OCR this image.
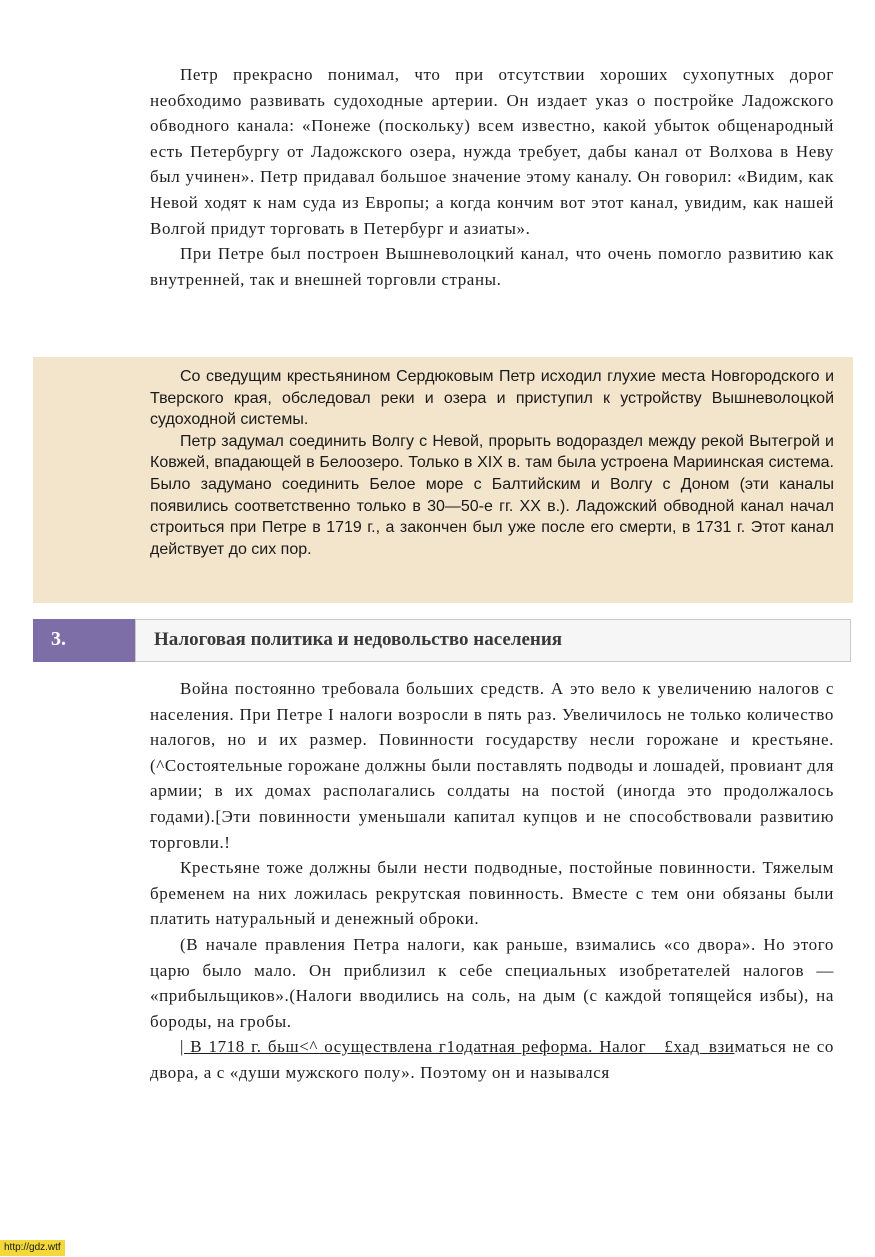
Петр прекрасно понимал, что при отсутствии хороших сухопутных дорог необходимо развивать судоходные артерии. Он издает указ о постройке Ладожского обводного канала: «Понеже (поскольку) всем известно, какой убыток общенародный есть Петербургу от Ладожского озера, нужда требует, дабы канал от Волхова в Неву был учинен». Петр придавал большое значение этому каналу. Он говорил: «Видим, как Невой ходят к нам суда из Европы; а когда кончим вот этот канал, увидим, как нашей Волгой придут торговать в Петербург и азиаты».

При Петре был построен Вышневолоцкий канал, что очень помогло развитию как внутренней, так и внешней торговли страны.

Со сведущим крестьянином Сердюковым Петр исходил глухие места Новгородского и Тверского края, обследовал реки и озера и приступил к устройству Вышневолоцкой судоходной системы.

Петр задумал соединить Волгу с Невой, прорыть водораздел между рекой Вытегрой и Ковжей, впадающей в Белоозеро. Только в XIX в. там была устроена Мариинская система. Было задумано соединить Белое море с Балтийским и Волгу с Доном (эти каналы появились соответственно только в 30—50-е гг. XX в.). Ладожский обводной канал начал строиться при Петре в 1719 г., а закончен был уже после его смерти, в 1731 г. Этот канал действует до сих пор.

3.	Налоговая политика и недовольство населения

Война постоянно требовала больших средств. А это вело к увеличению налогов с населения. При Петре I налоги возросли в пять раз. Увеличилось не только количество налогов, но и их размер. Повинности государству несли горожане и крестьяне. (^Состоятельные горожане должны были поставлять подводы и лошадей, провиант для армии; в их домах располагались солдаты на постой (иногда это продолжалось годами).[Эти повинности уменьшали капитал купцов и не способствовали развитию торговли.!

Крестьяне тоже должны были нести подводные, постойные повинности. Тяжелым бременем на них ложилась рекрутская повинность. Вместе с тем они обязаны были платить натуральный и денежный оброки.

(В начале правления Петра налоги, как раньше, взимались «со двора». Но этого царю было мало. Он приблизил к себе специальных изобретателей налогов — «прибыльщиков».(Налоги вводились на соль, на дым (с каждой топящейся избы), на бороды, на гробы.

| В 1718 г. бьш<^ осуществлена г1одатная реформа. Налог__£хад_взиматься не со двора, а с «души мужского полу». Поэтому он и назывался

http://gdz.wtf
